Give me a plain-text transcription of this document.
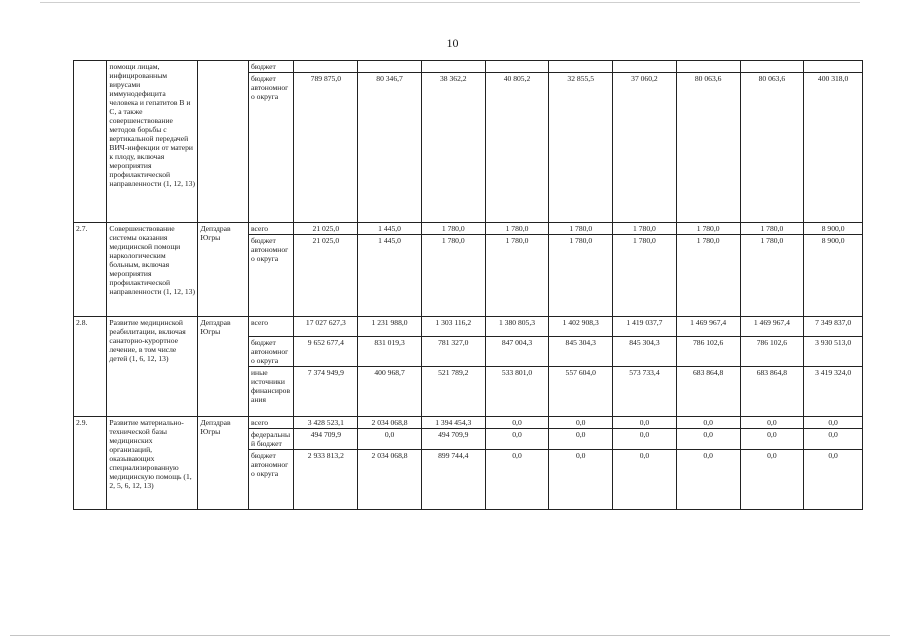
10
	помощи лицам, инфицированным вирусами иммунодефицита человека и гепатитов В и С, а также совершенствование методов борьбы с вертикальной передачей ВИЧ-инфекции от матери к плоду, включая мероприятия профилактической направленности (1, 12, 13)		бюджет									
			бюджет автономного округа	789 875,0	80 346,7	38 362,2	40 805,2	32 855,5	37 060,2	80 063,6	80 063,6	400 318,0
2.7.	Совершенствование системы оказания медицинской помощи наркологическим больным, включая мероприятия профилактической направленности (1, 12, 13)	Депздрав Югры	всего	21 025,0	1 445,0	1 780,0	1 780,0	1 780,0	1 780,0	1 780,0	1 780,0	8 900,0
			бюджет автономного округа	21 025,0	1 445,0	1 780,0	1 780,0	1 780,0	1 780,0	1 780,0	1 780,0	8 900,0
2.8.	Развитие медицинской реабилитации, включая санаторно-курортное лечение, в том числе детей (1, 6, 12, 13)	Депздрав Югры	всего	17 027 627,3	1 231 988,0	1 303 116,2	1 380 805,3	1 402 908,3	1 419 037,7	1 469 967,4	1 469 967,4	7 349 837,0
			бюджет автономного округа	9 652 677,4	831 019,3	781 327,0	847 004,3	845 304,3	845 304,3	786 102,6	786 102,6	3 930 513,0
			иные источники финансирования	7 374 949,9	400 968,7	521 789,2	533 801,0	557 604,0	573 733,4	683 864,8	683 864,8	3 419 324,0
2.9.	Развитие материально-технической базы медицинских организаций, оказывающих специализированную медицинскую помощь (1, 2, 5, 6, 12, 13)	Депздрав Югры	всего	3 428 523,1	2 034 068,8	1 394 454,3	0,0	0,0	0,0	0,0	0,0	0,0
			федеральный бюджет	494 709,9	0,0	494 709,9	0,0	0,0	0,0	0,0	0,0	0,0
			бюджет автономного округа	2 933 813,2	2 034 068,8	899 744,4	0,0	0,0	0,0	0,0	0,0	0,0
